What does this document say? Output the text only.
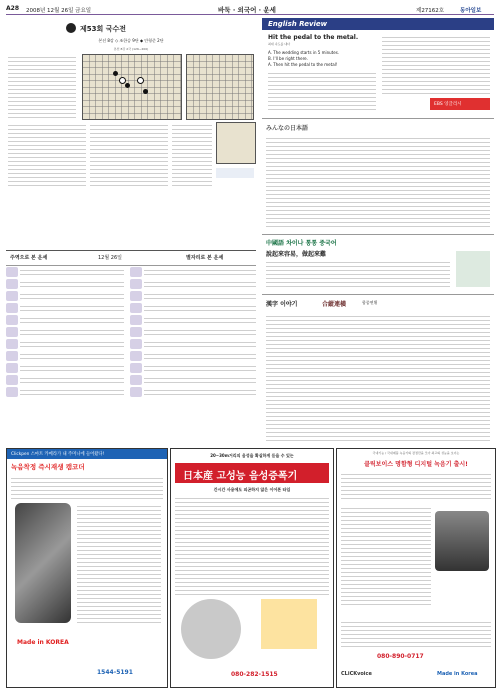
A28 2008년 12월 26일 금요일	바둑 · 외국어 · 운세	제27162호	동아일보
제53회 국수전
본선 8강 ◇ 조한승 9단 ◆ 안형준 2단
본선 8강 2국 (126~200)
주역으로 본 운세	12월 26일	별자리로 본 운세
English Review
Hit the pedal to the metal.
최대 속도를 내다
A. The wedding starts in 5 minutes.
B. I'll be right there.
A. Then hit the pedal to the metal!
EBS 잉글리시
みんなの日本語
中國語 차이나 통통 중국어
說起來容易，做起來難
漢字 이야기	合縱連橫	합종연횡
Clickpen 스마트 카메라가 내 주머니에 들어왔다!
녹음착정 즉시재생 캠코더
Made in KOREA
1544-5191
20~30m거리의 음성을 확실하게 듣을 수 있는
日本産 고성능 음성증폭기
간시간 사용에도 피곤하지 않은 이어폰 타입
080-282-1515
국내기능 / 국내제품 녹음기의 장점만을 모아 최고의 성능을 보이는
클릭보이스 명함형 디지털 녹음기 출시!
080-890-0717
CLiCKvoice	Made in Korea
